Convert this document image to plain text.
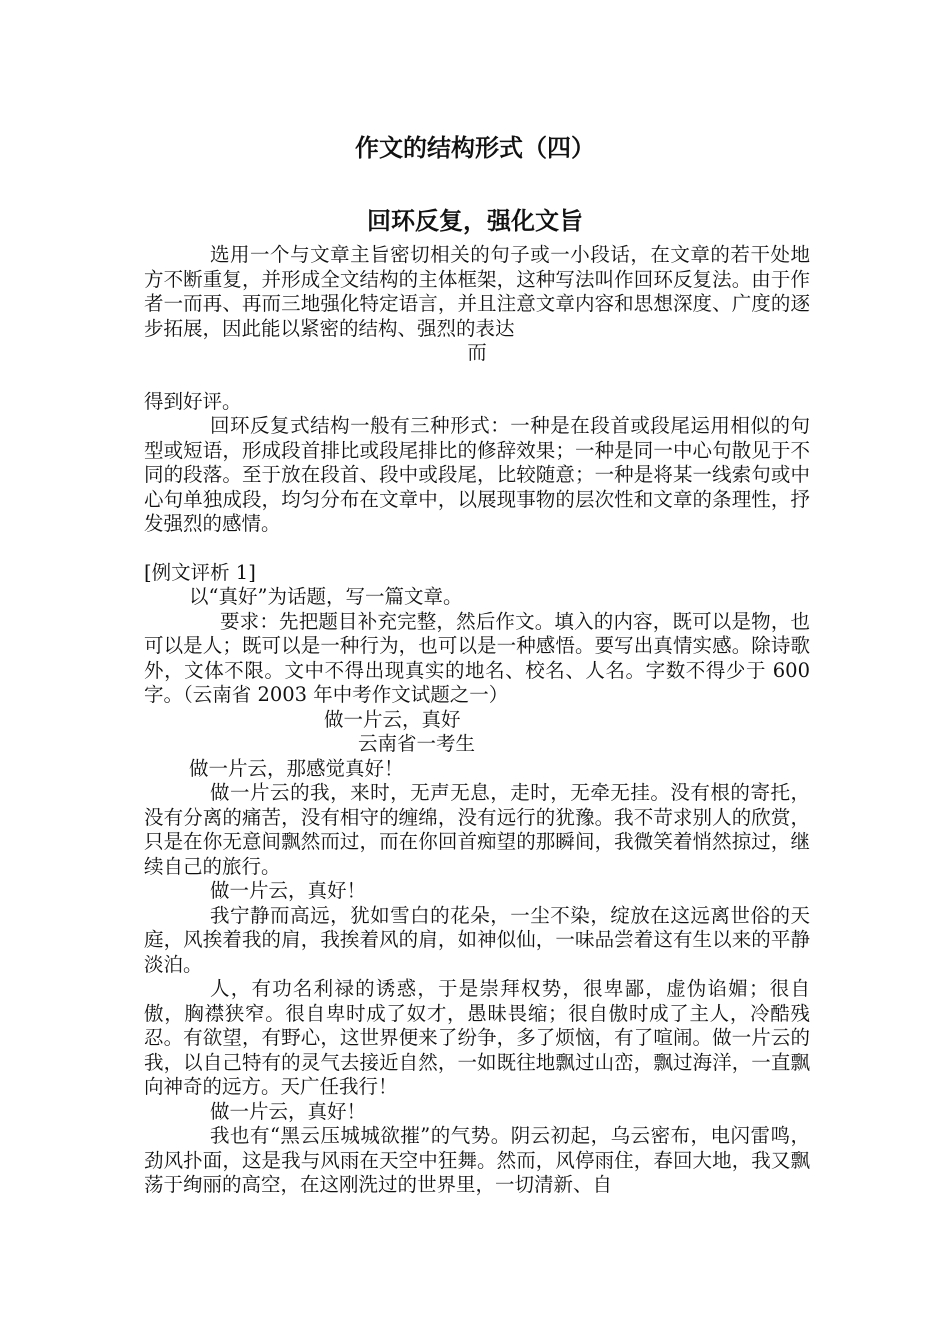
作文的结构形式（四）
回环反复，强化文旨

选用一个与文章主旨密切相关的句子或一小段话，在文章的若干处地方不断重复，并形成全文结构的主体框架，这种写法叫作回环反复法。由于作者一而再、再而三地强化特定语言，并且注意文章内容和思想深度、广度的逐步拓展，因此能以紧密的结构、强烈的表达

而

得到好评。

回环反复式结构一般有三种形式：一种是在段首或段尾运用相似的句型或短语，形成段首排比或段尾排比的修辞效果；一种是同一中心句散见于不同的段落。至于放在段首、段中或段尾，比较随意；一种是将某一线索句或中心句单独成段，均匀分布在文章中，以展现事物的层次性和文章的条理性，抒发强烈的感情。

[例文评析 1]

以“真好”为话题，写一篇文章。

要求：先把题目补充完整，然后作文。填入的内容，既可以是物，也可以是人；既可以是一种行为，也可以是一种感悟。要写出真情实感。除诗歌外，文体不限。文中不得出现真实的地名、校名、人名。字数不得少于 600 字。（云南省 2003 年中考作文试题之一）

做一片云，真好

云南省一考生

做一片云，那感觉真好！

做一片云的我，来时，无声无息，走时，无牵无挂。没有根的寄托，没有分离的痛苦，没有相守的缠绵，没有远行的犹豫。我不苛求别人的欣赏，只是在你无意间飘然而过，而在你回首痴望的那瞬间，我微笑着悄然掠过，继续自己的旅行。

做一片云，真好！

我宁静而高远，犹如雪白的花朵，一尘不染，绽放在这远离世俗的天庭，风挨着我的肩，我挨着风的肩，如神似仙，一味品尝着这有生以来的平静淡泊。

人，有功名利禄的诱惑，于是崇拜权势，很卑鄙，虚伪谄媚；很自傲，胸襟狭窄。很自卑时成了奴才，愚昧畏缩；很自傲时成了主人，冷酷残忍。有欲望，有野心，这世界便来了纷争，多了烦恼，有了喧闹。做一片云的我，以自己特有的灵气去接近自然，一如既往地飘过山峦，飘过海洋，一直飘向神奇的远方。天广任我行！

做一片云，真好！

我也有“黑云压城城欲摧”的气势。阴云初起，乌云密布，电闪雷鸣，劲风扑面，这是我与风雨在天空中狂舞。然而，风停雨住，春回大地，我又飘荡于绚丽的高空，在这刚洗过的世界里，一切清新、自
